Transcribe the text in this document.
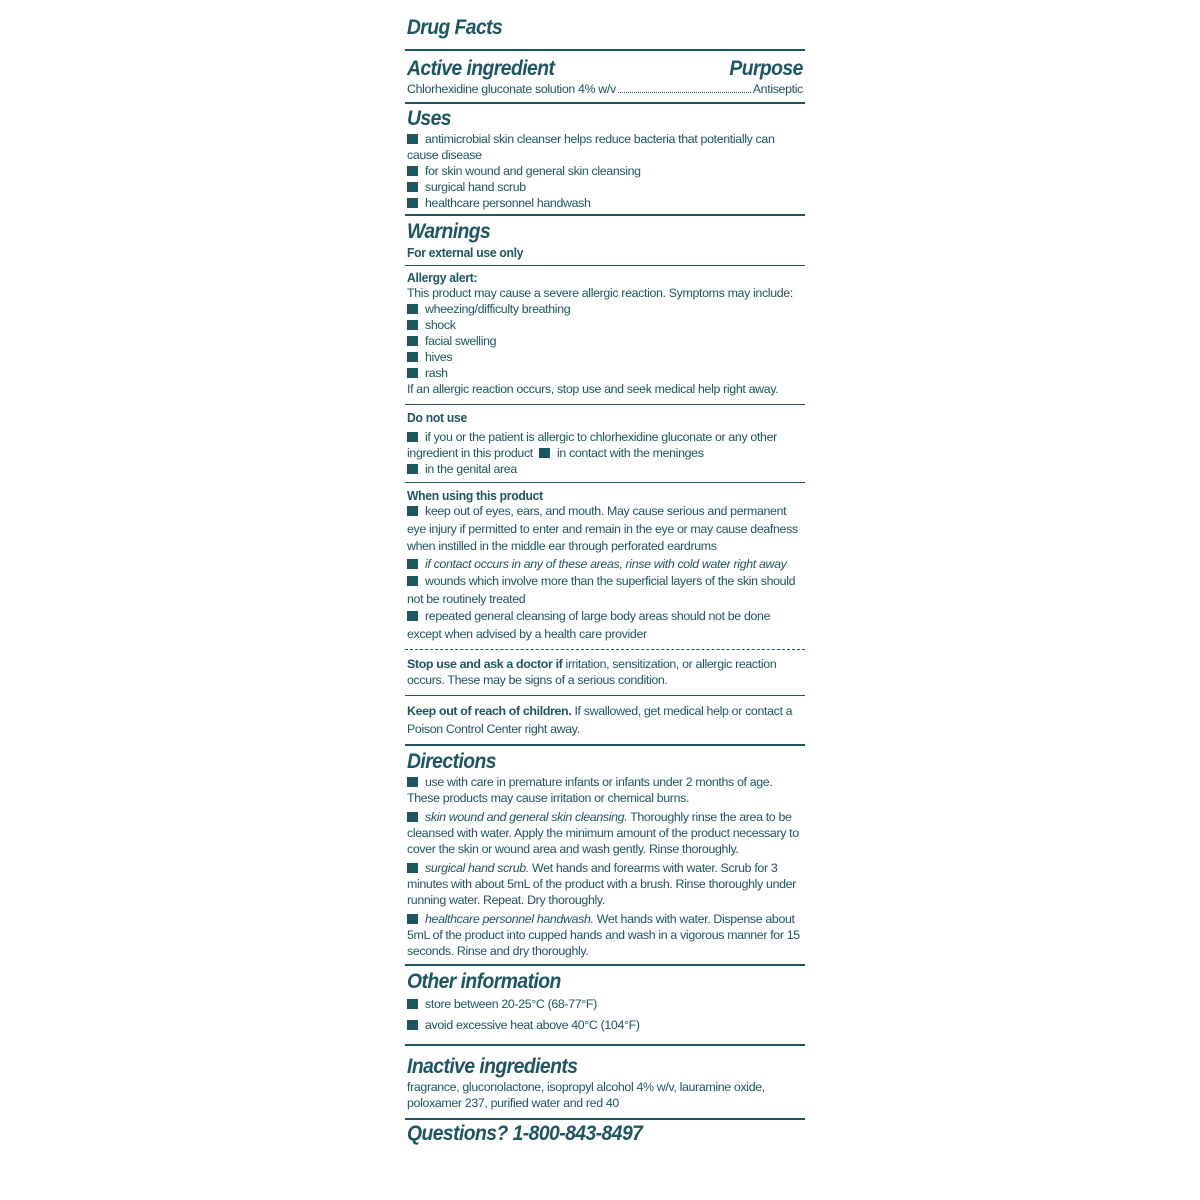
Drug Facts
Active ingredient	Purpose
Chlorhexidine gluconate solution 4% w/v	Antiseptic
Uses

antimicrobial skin cleanser helps reduce bacteria that potentially can cause disease

for skin wound and general skin cleansing

surgical hand scrub

healthcare personnel handwash

Warnings
For external use only
Allergy alert:

This product may cause a severe allergic reaction. Symptoms may include:

wheezing/difficulty breathing

shock

facial swelling

hives

rash

If an allergic reaction occurs, stop use and seek medical help right away.

Do not use

if you or the patient is allergic to chlorhexidine gluconate or any other ingredient in this product in contact with the meninges

in the genital area

When using this product

keep out of eyes, ears, and mouth. May cause serious and permanent eye injury if permitted to enter and remain in the eye or may cause deafness when instilled in the middle ear through perforated eardrums

if contact occurs in any of these areas, rinse with cold water right away

wounds which involve more than the superficial layers of the skin should not be routinely treated

repeated general cleansing of large body areas should not be done except when advised by a health care provider

Stop use and ask a doctor if irritation, sensitization, or allergic reaction occurs. These may be signs of a serious condition.

Keep out of reach of children. If swallowed, get medical help or contact a Poison Control Center right away.

Directions

use with care in premature infants or infants under 2 months of age. These products may cause irritation or chemical burns.

skin wound and general skin cleansing. Thoroughly rinse the area to be cleansed with water. Apply the minimum amount of the product necessary to cover the skin or wound area and wash gently. Rinse thoroughly.

surgical hand scrub. Wet hands and forearms with water. Scrub for 3 minutes with about 5mL of the product with a brush. Rinse thoroughly under running water. Repeat. Dry thoroughly.

healthcare personnel handwash. Wet hands with water. Dispense about 5mL of the product into cupped hands and wash in a vigorous manner for 15 seconds. Rinse and dry thoroughly.

Other information

store between 20-25°C (68-77°F)

avoid excessive heat above 40°C (104°F)

Inactive ingredients

fragrance, gluconolactone, isopropyl alcohol 4% w/v, lauramine oxide, poloxamer 237, purified water and red 40

Questions? 1-800-843-8497
